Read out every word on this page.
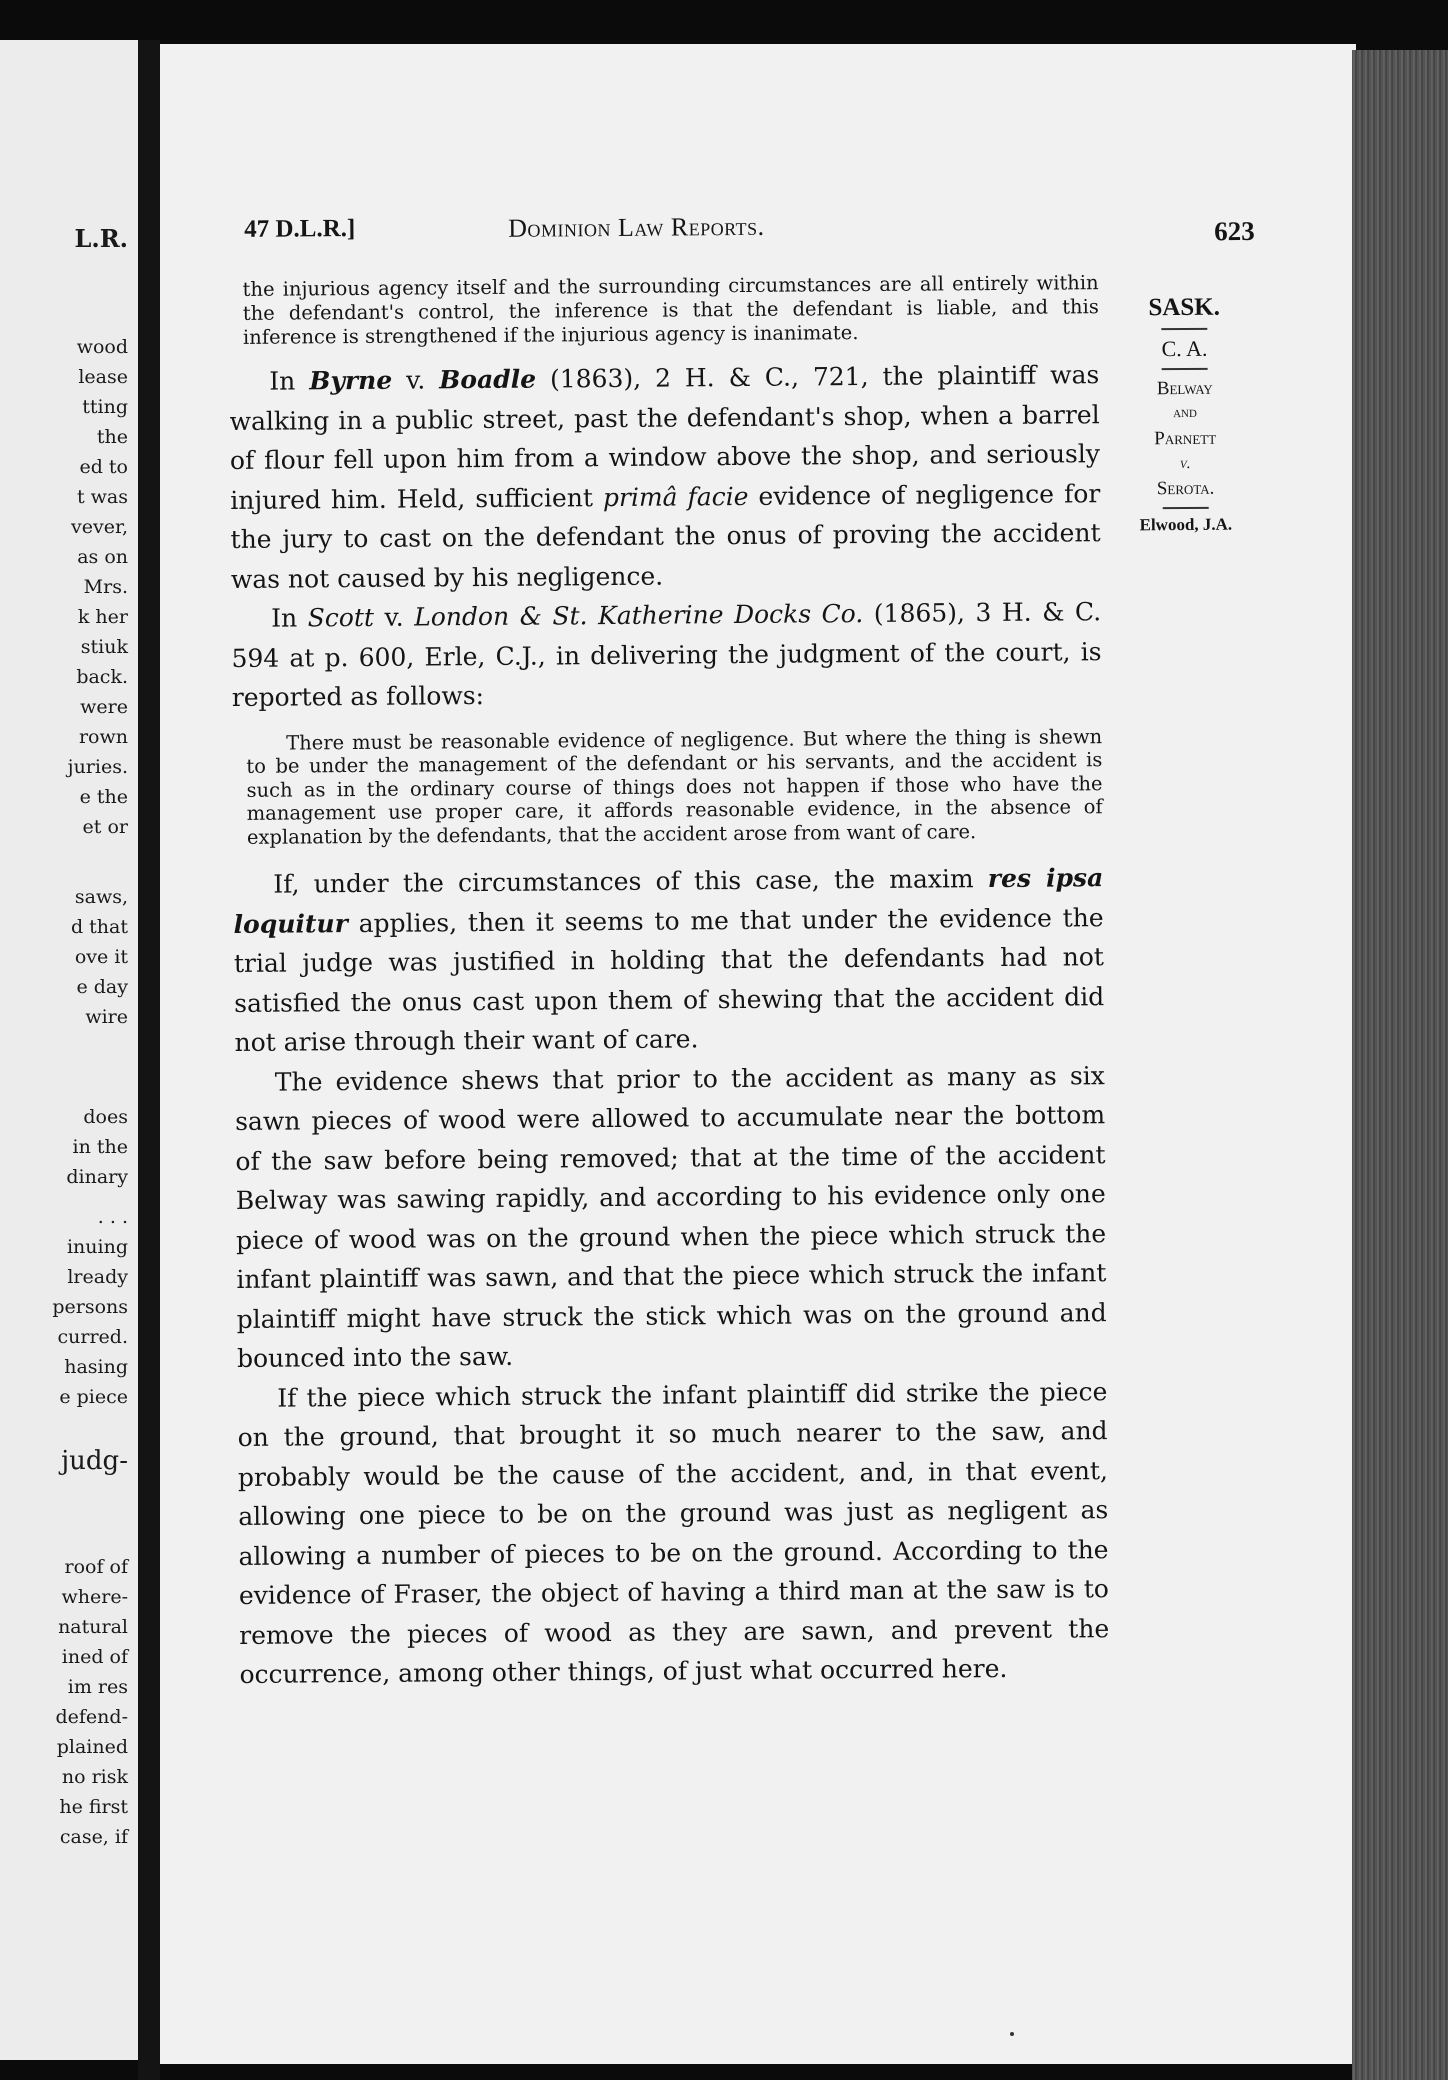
L.R.
wood
lease
tting
the
ed to
t was
vever,
as on
Mrs.
k her
stiuk
back.
were
rown
juries.
e the
et or
saws,
d that
ove it
e day
wire
does
in the
dinary
. . .
inuing
lready
persons
curred.
hasing
e piece
judg-
roof of
where-
natural
ined of
im res
defend-
plained
no risk
he first
case, if
47 D.L.R.]	Dominion Law Reports.	623

the injurious agency itself and the surrounding circumstances are all entirely within the defendant's control, the inference is that the defendant is liable, and this inference is strengthened if the injurious agency is inanimate.

In Byrne v. Boadle (1863), 2 H. & C., 721, the plaintiff was walking in a public street, past the defendant's shop, when a barrel of flour fell upon him from a window above the shop, and seriously injured him. Held, sufficient primâ facie evidence of negligence for the jury to cast on the defendant the onus of proving the accident was not caused by his negligence.

In Scott v. London & St. Katherine Docks Co. (1865), 3 H. & C. 594 at p. 600, Erle, C.J., in delivering the judgment of the court, is reported as follows:

There must be reasonable evidence of negligence. But where the thing is shewn to be under the management of the defendant or his servants, and the accident is such as in the ordinary course of things does not happen if those who have the management use proper care, it affords reasonable evidence, in the absence of explanation by the defendants, that the accident arose from want of care.

If, under the circumstances of this case, the maxim res ipsa loquitur applies, then it seems to me that under the evidence the trial judge was justified in holding that the defendants had not satisfied the onus cast upon them of shewing that the accident did not arise through their want of care.

The evidence shews that prior to the accident as many as six sawn pieces of wood were allowed to accumulate near the bottom of the saw before being removed; that at the time of the accident Belway was sawing rapidly, and according to his evidence only one piece of wood was on the ground when the piece which struck the infant plaintiff was sawn, and that the piece which struck the infant plaintiff might have struck the stick which was on the ground and bounced into the saw.

If the piece which struck the infant plaintiff did strike the piece on the ground, that brought it so much nearer to the saw, and probably would be the cause of the accident, and, in that event, allowing one piece to be on the ground was just as negligent as allowing a number of pieces to be on the ground. According to the evidence of Fraser, the object of having a third man at the saw is to remove the pieces of wood as they are sawn, and prevent the occurrence, among other things, of just what occurred here.

SASK.
C. A.
Belway
and
Parnett
v.
Serota.
Elwood, J.A.
